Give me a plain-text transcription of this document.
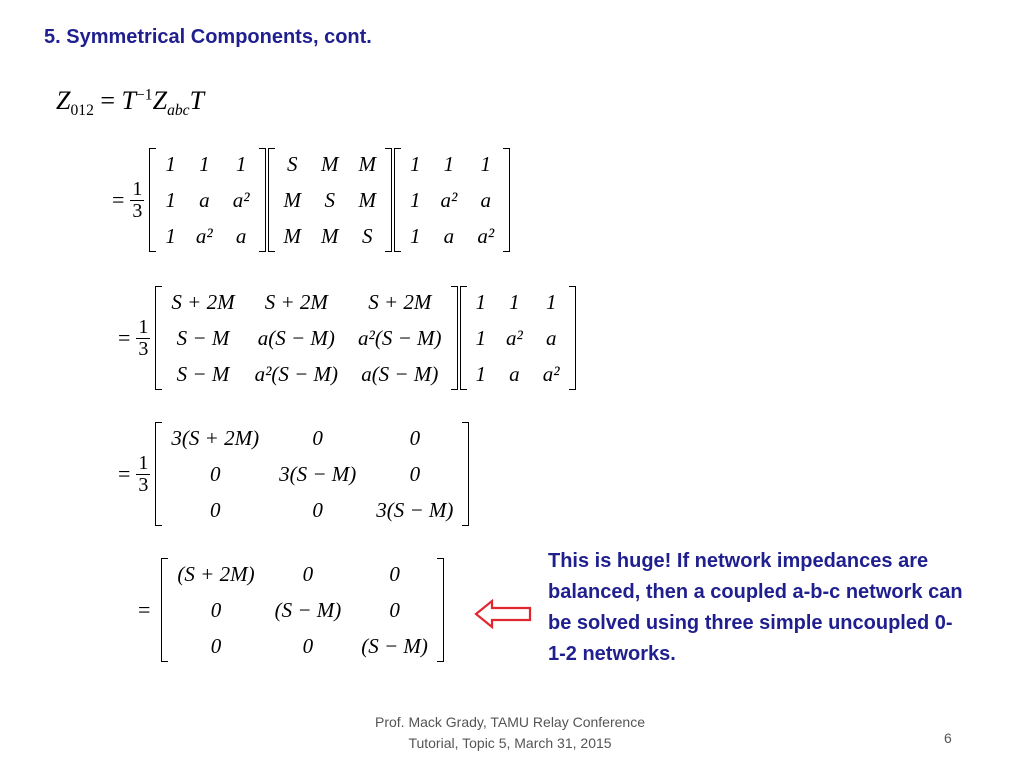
5. Symmetrical Components, cont.
$Z_{012} = T^{-1}Z_{abc}T$
= $\frac{1}{3}$
1	1	1
1	a	a²
1	a²	a
S	M	M
M	S	M
M	M	S
1	1	1
1	a²	a
1	a	a²
= $\frac{1}{3}$
S + 2M	S + 2M	S + 2M
S − M	a(S − M)	a²(S − M)
S − M	a²(S − M)	a(S − M)
1	1	1
1	a²	a
1	a	a²
= $\frac{1}{3}$
3(S + 2M)	0	0
0	3(S − M)	0
0	0	3(S − M)
=
(S + 2M)	0	0
0	(S − M)	0
0	0	(S − M)
This is huge! If network impedances are balanced, then a coupled a-b-c network can be solved using three simple uncoupled 0-1-2 networks.
Prof. Mack Grady, TAMU Relay Conference
Tutorial, Topic 5, March 31, 2015	6
